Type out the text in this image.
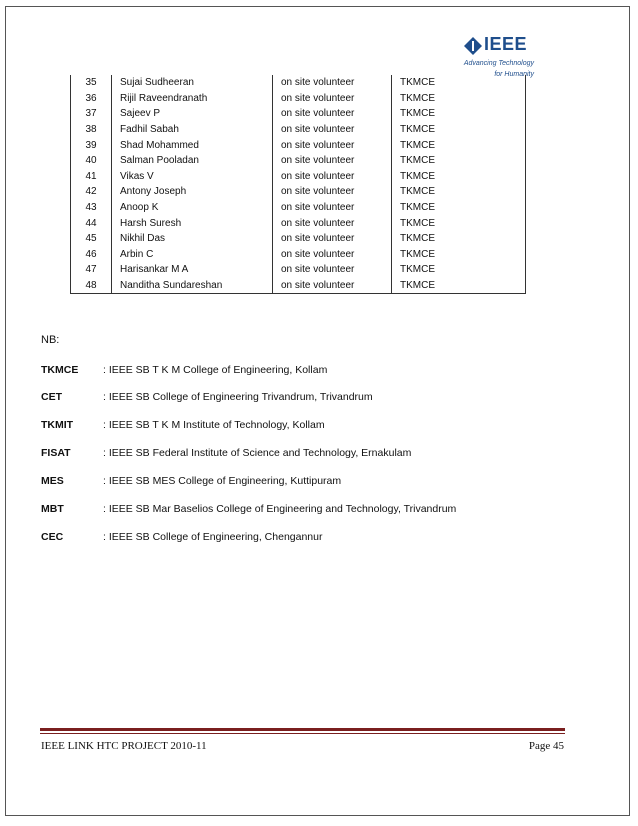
IEEE
Advancing Technology
for Humanity
35	Sujai Sudheeran	on site volunteer	TKMCE
36	Rijil Raveendranath	on site volunteer	TKMCE
37	Sajeev P	on site volunteer	TKMCE
38	Fadhil Sabah	on site volunteer	TKMCE
39	Shad Mohammed	on site volunteer	TKMCE
40	Salman Pooladan	on site volunteer	TKMCE
41	Vikas V	on site volunteer	TKMCE
42	Antony Joseph	on site volunteer	TKMCE
43	Anoop K	on site volunteer	TKMCE
44	Harsh Suresh	on site volunteer	TKMCE
45	Nikhil Das	on site volunteer	TKMCE
46	Arbin C	on site volunteer	TKMCE
47	Harisankar M A	on site volunteer	TKMCE
48	Nanditha Sundareshan	on site volunteer	TKMCE
NB:
TKMCE	: IEEE SB T K M College of Engineering, Kollam
CET	: IEEE SB College of Engineering Trivandrum, Trivandrum
TKMIT	: IEEE SB T K M Institute of Technology, Kollam
FISAT	: IEEE SB Federal Institute of Science and Technology, Ernakulam
MES	: IEEE SB MES College of Engineering, Kuttipuram
MBT	: IEEE SB Mar Baselios College of Engineering and Technology, Trivandrum
CEC	: IEEE SB College of Engineering, Chengannur
IEEE LINK HTC PROJECT 2010-11	Page 45
